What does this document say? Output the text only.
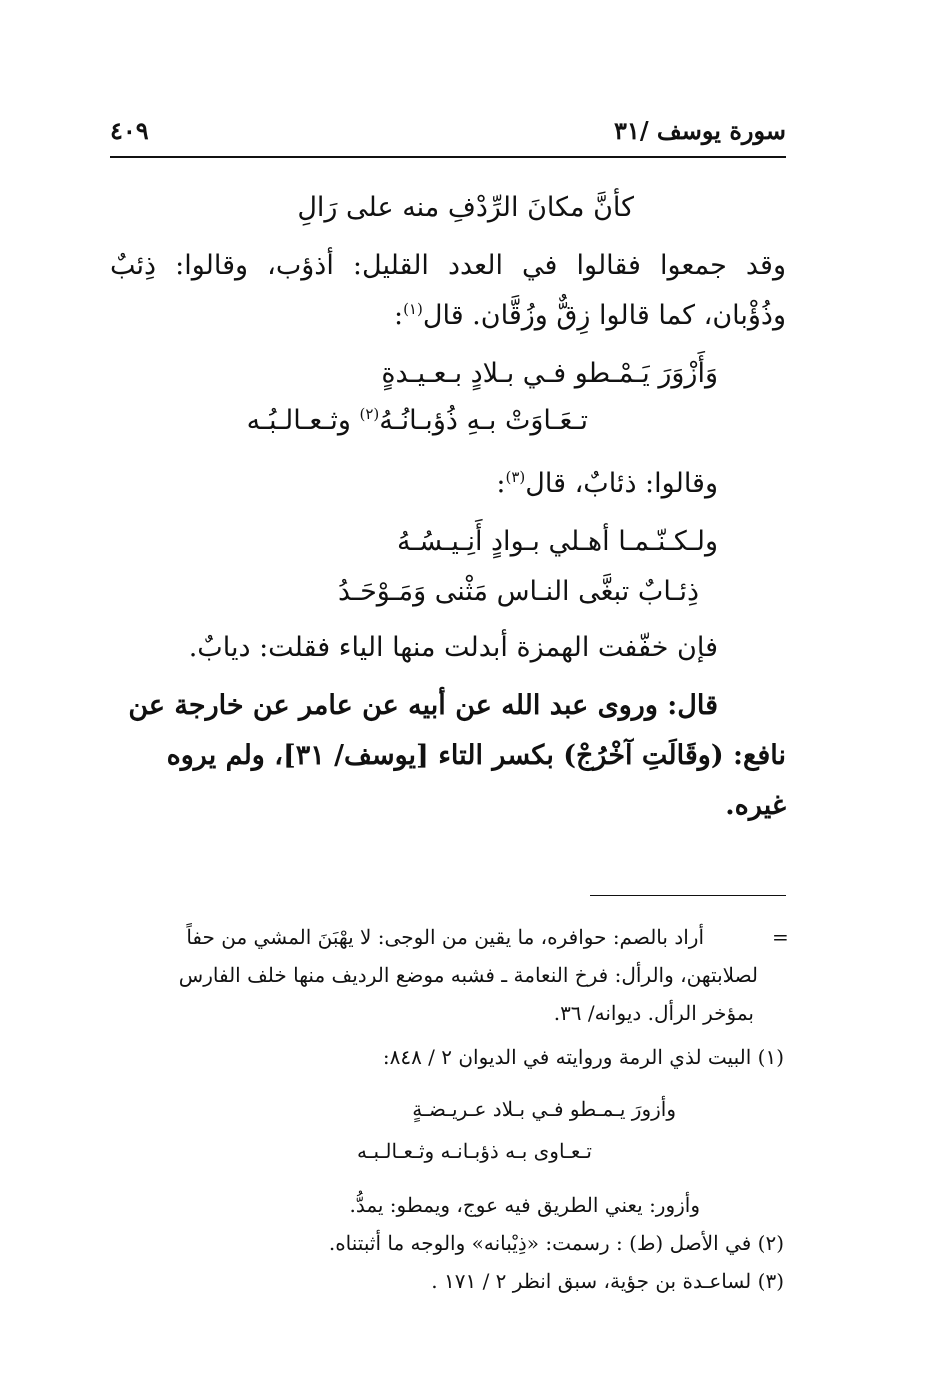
سورة يوسف /٣١
٤٠٩
كأنَّ مكانَ الرِّدْفِ منه على رَالِ
وقد جمعوا فقالوا في العدد القليل: أذؤب، وقالوا: ذِئبٌ
وذُؤْبان، كما قالوا زِقٌّ وزُقَّان. قال$^{(١)}$:
وَأَزْوَرَ يَـمْـطو فـي بـلادٍ بـعـيـدةٍ
تـعَـاوَتْ بـهِ ذُؤبـانُـهُ$^{(٢)}$ وثـعـالـبُـه
وقالوا: ذئابٌ، قال$^{(٣)}$:
ولـكـنّـمـا أهـلي بـوادٍ أَنِـيـسُـهُ
ذِئـابٌ تبغَّى النـاس مَثْنى وَمَـوْحَـدُ
فإن خفّفت الهمزة أبدلت منها الياء فقلت: ديابٌ.
قال: وروى عبد الله عن أبيه عن عامر عن خارجة عن
نافع: (وقَالَتِ آخْرُجْ) بكسر التاء [يوسف/ ٣١]، ولم يروه
غيره.
=
أراد بالصم: حوافره، ما يقين من الوجى: لا يهْبَنَ المشي من حفاً
لصلابتهن، والرأل: فرخ النعامة ـ فشبه موضع الرديف منها خلف الفارس
بمؤخر الرأل. ديوانه/ ٣٦.
(١) البيت لذي الرمة وروايته في الديوان ٢ / ٨٤٨:
وأزورَ يـمـطو فـي بـلاد عـريـضـةٍ
تـعـاوى بـه ذؤبـانـه وثـعـالـبـه
وأزور: يعني الطريق فيه عوج، ويمطو: يمدُّ.
(٢) في الأصل (ط) : رسمت: «ذِيْبانه» والوجه ما أثبتناه.
(٣) لساعـدة بن جؤية، سبق انظر ٢ / ١٧١ .
